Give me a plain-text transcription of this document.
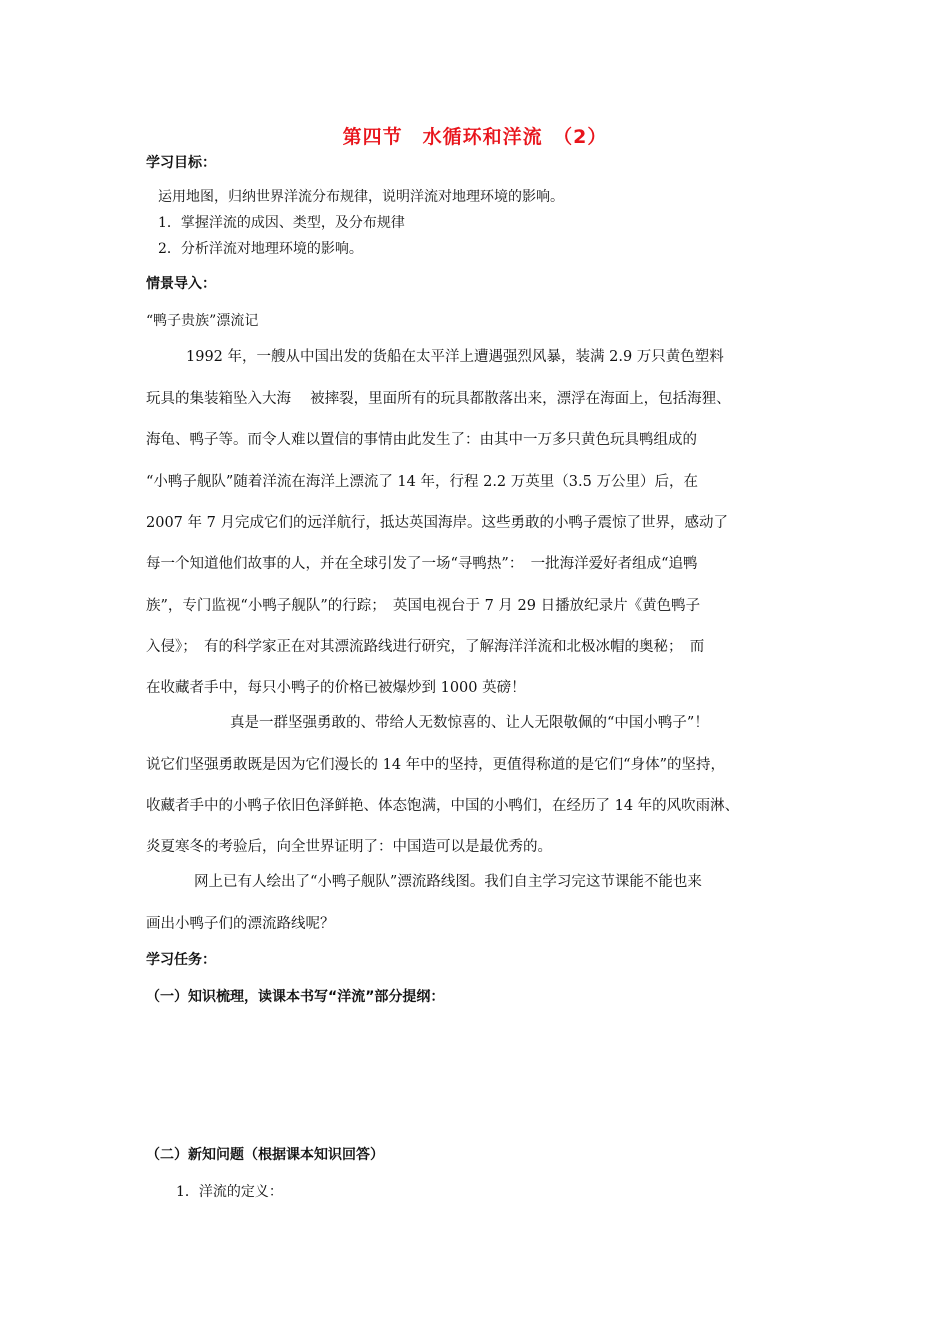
第四节　水循环和洋流　（2）
学习目标：
运用地图，归纳世界洋流分布规律，说明洋流对地理环境的影响。
1．掌握洋流的成因、类型，及分布规律
2．分析洋流对地理环境的影响。
情景导入：
“鸭子贵族”漂流记
1992 年，一艘从中国出发的货船在太平洋上遭遇强烈风暴，装满 2.9 万只黄色塑料
玩具的集装箱坠入大海　 被摔裂，里面所有的玩具都散落出来，漂浮在海面上，包括海狸、
海龟、鸭子等。而令人难以置信的事情由此发生了：由其中一万多只黄色玩具鸭组成的
“小鸭子舰队”随着洋流在海洋上漂流了 14 年，行程 2.2 万英里（3.5 万公里）后，在
2007 年 7 月完成它们的远洋航行，抵达英国海岸。这些勇敢的小鸭子震惊了世界，感动了
每一个知道他们故事的人，并在全球引发了一场“寻鸭热”：　一批海洋爱好者组成“追鸭
族”，专门监视“小鸭子舰队”的行踪；　英国电视台于 7 月 29 日播放纪录片《黄色鸭子
入侵》；　有的科学家正在对其漂流路线进行研究，了解海洋洋流和北极冰帽的奥秘；　而
在收藏者手中，每只小鸭子的价格已被爆炒到 1000 英磅！
真是一群坚强勇敢的、带给人无数惊喜的、让人无限敬佩的“中国小鸭子”！
说它们坚强勇敢既是因为它们漫长的 14 年中的坚持，更值得称道的是它们“身体”的坚持，
收藏者手中的小鸭子依旧色泽鲜艳、体态饱满，中国的小鸭们，在经历了 14 年的风吹雨淋、
炎夏寒冬的考验后，向全世界证明了：中国造可以是最优秀的。
网上已有人绘出了“小鸭子舰队”漂流路线图。我们自主学习完这节课能不能也来
画出小鸭子们的漂流路线呢？
学习任务：
（一）知识梳理，读课本书写“洋流”部分提纲：
（二）新知问题（根据课本知识回答）
1．洋流的定义：
